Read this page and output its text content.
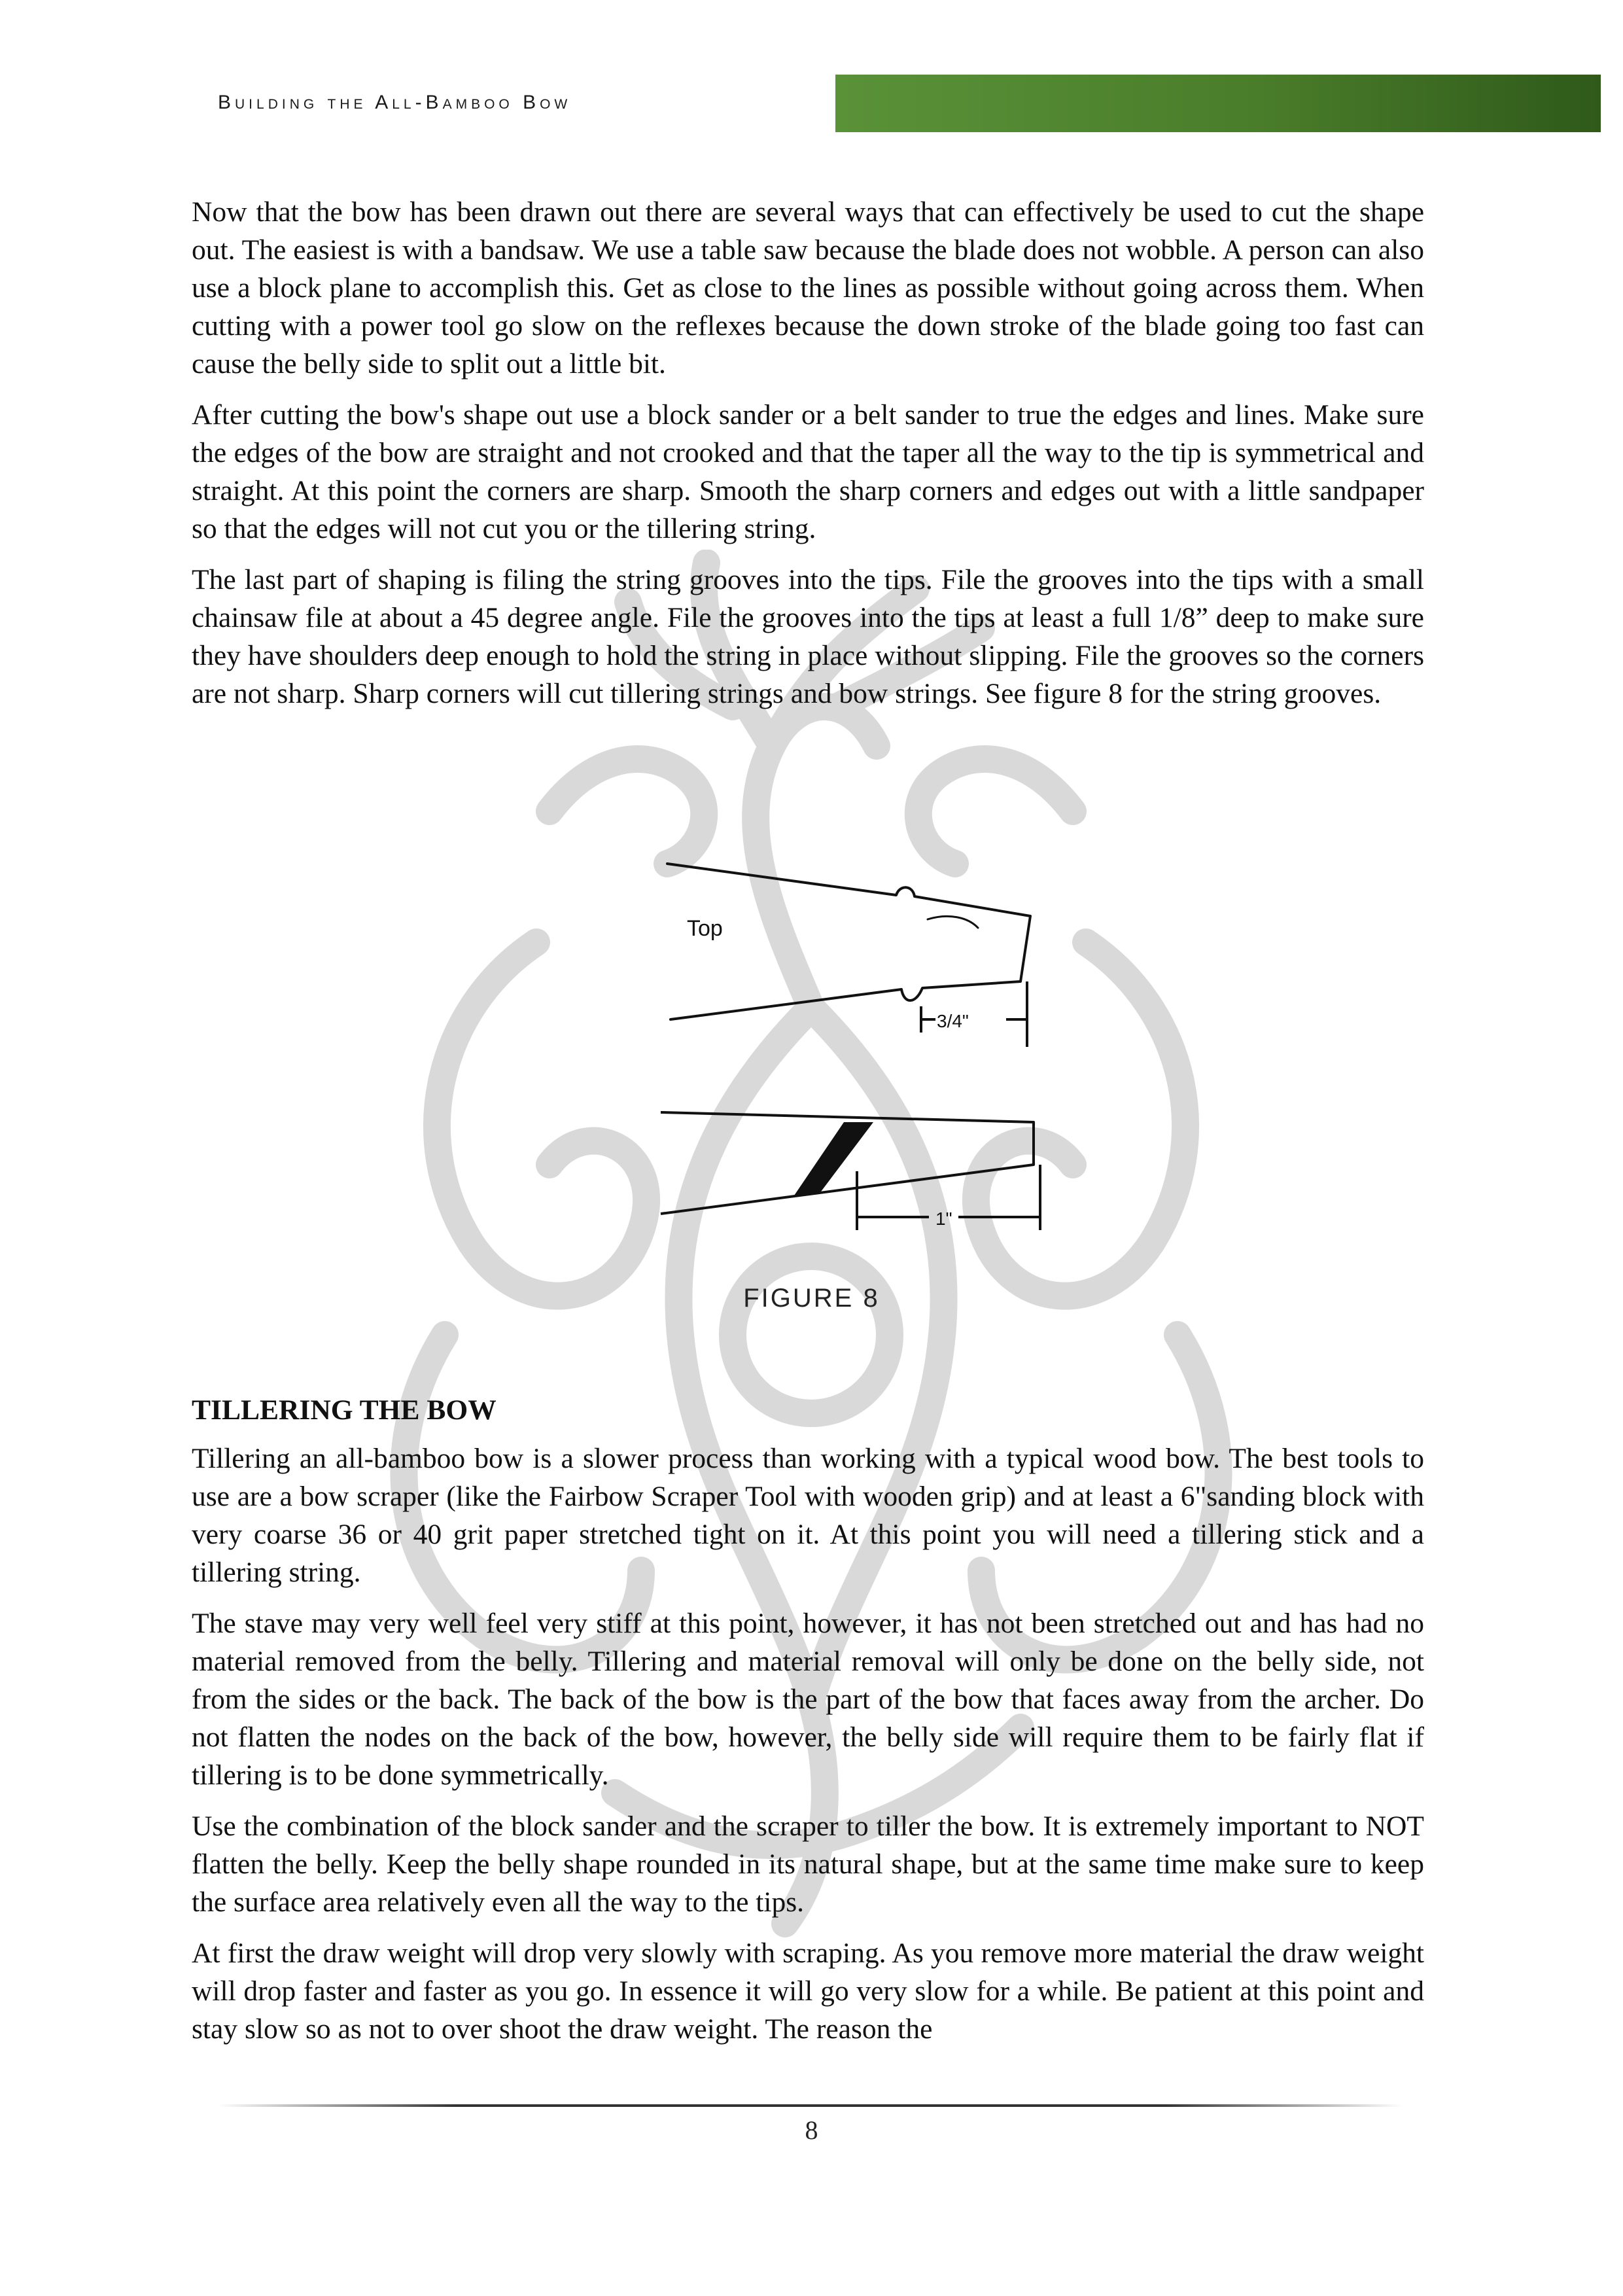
Building the All-Bamboo Bow

Now that the bow has been drawn out there are several ways that can effectively be used to cut the shape out. The easiest is with a bandsaw. We use a table saw because the blade does not wobble. A person can also use a block plane to accomplish this. Get as close to the lines as possible without going across them. When cutting with a power tool go slow on the reflexes because the down stroke of the blade going too fast can cause the belly side to split out a little bit.

After cutting the bow's shape out use a block sander or a belt sander to true the edges and lines. Make sure the edges of the bow are straight and not crooked and that the taper all the way to the tip is symmetrical and straight. At this point the corners are sharp. Smooth the sharp corners and edges out with a little sandpaper so that the edges will not cut you or the tillering string.

The last part of shaping is filing the string grooves into the tips. File the grooves into the tips with a small chainsaw file at about a 45 degree angle. File the grooves into the tips at least a full 1/8” deep to make sure they have shoulders deep enough to hold the string in place without slipping. File the grooves so the corners are not sharp. Sharp corners will cut tillering strings and bow strings. See figure 8 for the string grooves.

Top
3/4"
1"
FIGURE 8
TILLERING THE BOW

Tillering an all-bamboo bow is a slower process than working with a typical wood bow. The best tools to use are a bow scraper (like the Fairbow Scraper Tool with wooden grip) and at least a 6"sanding block with very coarse 36 or 40 grit paper stretched tight on it. At this point you will need a tillering stick and a tillering string.

The stave may very well feel very stiff at this point, however, it has not been stretched out and has had no material removed from the belly. Tillering and material removal will only be done on the belly side, not from the sides or the back. The back of the bow is the part of the bow that faces away from the archer. Do not flatten the nodes on the back of the bow, however, the belly side will require them to be fairly flat if tillering is to be done symmetrically.

Use the combination of the block sander and the scraper to tiller the bow. It is extremely important to NOT flatten the belly. Keep the belly shape rounded in its natural shape, but at the same time make sure to keep the surface area relatively even all the way to the tips.

At first the draw weight will drop very slowly with scraping. As you remove more material the draw weight will drop faster and faster as you go. In essence it will go very slow for a while. Be patient at this point and stay slow so as not to over shoot the draw weight. The reason the

8
